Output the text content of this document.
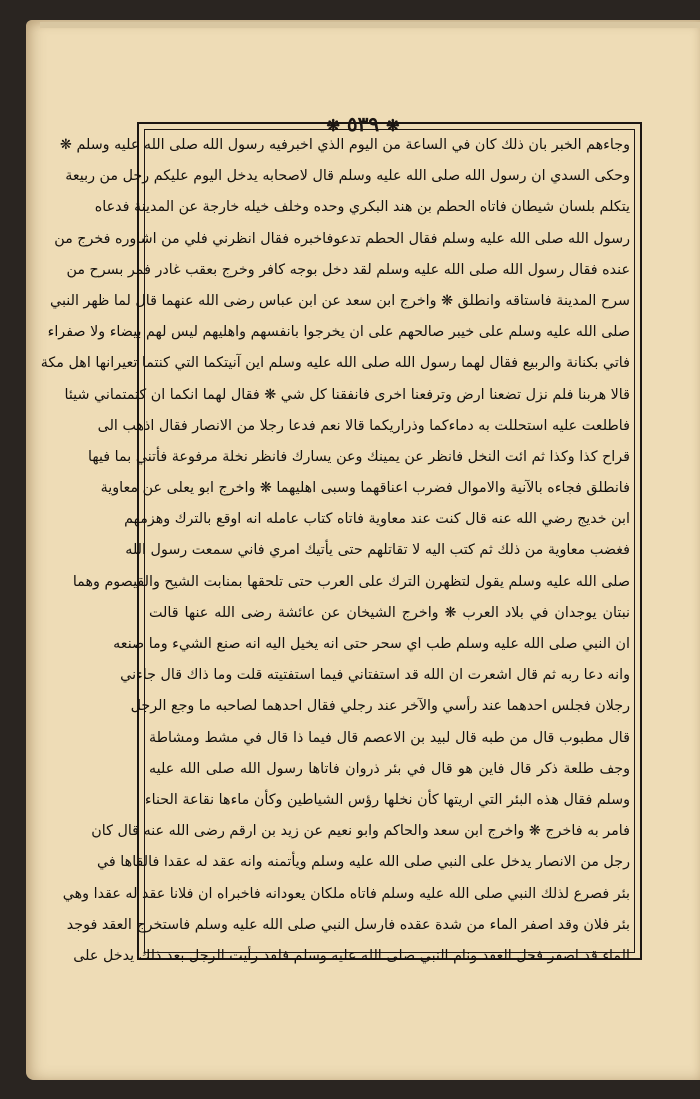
❋ ٥٣٩ ❋
وجاءهم الخبر بان ذلك كان في الساعة من اليوم الذي اخبرفيه رسول الله صلى الله عليه وسلم ❋
وحكى السدي ان رسول الله صلى الله عليه وسلم قال لاصحابه يدخل اليوم عليكم رجل من ربيعة
يتكلم بلسان شيطان فاتاه الحطم بن هند البكري وحده وخلف خيله خارجة عن المدينة فدعاه
رسول الله صلى الله عليه وسلم فقال الحطم تدعوفاخبره فقال انظرني فلي من اشاوره فخرج من
عنده فقال رسول الله صلى الله عليه وسلم لقد دخل بوجه كافر وخرج بعقب غادر فمر بسرح من
سرح المدينة فاستاقه وانطلق ❋ واخرج ابن سعد عن ابن عباس رضى الله عنهما قال لما ظهر النبي
صلى الله عليه وسلم على خيبر صالحهم على ان يخرجوا بانفسهم واهليهم ليس لهم بيضاء ولا صفراء
فاتي بكنانة والربيع فقال لهما رسول الله صلى الله عليه وسلم اين آنيتكما التي كنتما تعيرانها اهل مكة
قالا هربنا فلم نزل تضعنا ارض وترفعنا اخرى فانفقنا كل شي ❋ فقال لهما انكما ان كتمتماني شيئا
فاطلعت عليه استحللت به دماءكما وذراريكما قالا نعم فدعا رجلا من الانصار فقال اذهب الى
قراح كذا وكذا ثم ائت النخل فانظر عن يمينك وعن يسارك فانظر نخلة مرفوعة فأتني بما فيها
فانطلق فجاءه بالآنية والاموال فضرب اعناقهما وسبى اهليهما ❋ واخرج ابو يعلى عن معاوية
ابن خديج رضي الله عنه قال كنت عند معاوية فاتاه كتاب عامله انه اوقع بالترك وهزمهم
فغضب معاوية من ذلك ثم كتب اليه لا تقاتلهم حتى يأتيك امري فاني سمعت رسول الله
صلى الله عليه وسلم يقول لتظهرن الترك على العرب حتى تلحقها بمنابت الشيح والقيصوم وهما
نبتان يوجدان في بلاد العرب ❋ واخرج الشيخان عن عائشة رضى الله عنها قالت
ان النبي صلى الله عليه وسلم طب اي سحر حتى انه يخيل اليه انه صنع الشيء وما صنعه
وانه دعا ربه ثم قال اشعرت ان الله قد استفتاني فيما استفتيته قلت وما ذاك قال جاءني
رجلان فجلس احدهما عند رأسي والآخر عند رجلي فقال احدهما لصاحبه ما وجع الرجل
قال مطبوب قال من طبه قال لبيد بن الاعصم قال فيما ذا قال في مشط ومشاطة
وجف طلعة ذكر قال فاين هو قال في بئر ذروان فاتاها رسول الله صلى الله عليه
وسلم فقال هذه البئر التي اريتها كأن نخلها رؤس الشياطين وكأن ماءها نقاعة الحناء
فامر به فاخرج ❋ واخرج ابن سعد والحاكم وابو نعيم عن زيد بن ارقم رضى الله عنه قال كان
رجل من الانصار يدخل على النبي صلى الله عليه وسلم ويأتمنه وانه عقد له عقدا فالقاها في
بئر فصرع لذلك النبي صلى الله عليه وسلم فاتاه ملكان يعودانه فاخبراه ان فلانا عقد له عقدا وهي
بئر فلان وقد اصفر الماء من شدة عقده فارسل النبي صلى الله عليه وسلم فاستخرج العقد فوجد
الماء قد اصفر فحل العقد ونام النبي صلى الله عليه وسلم فلقد رأيت الرجل بعد ذلك يدخل على
